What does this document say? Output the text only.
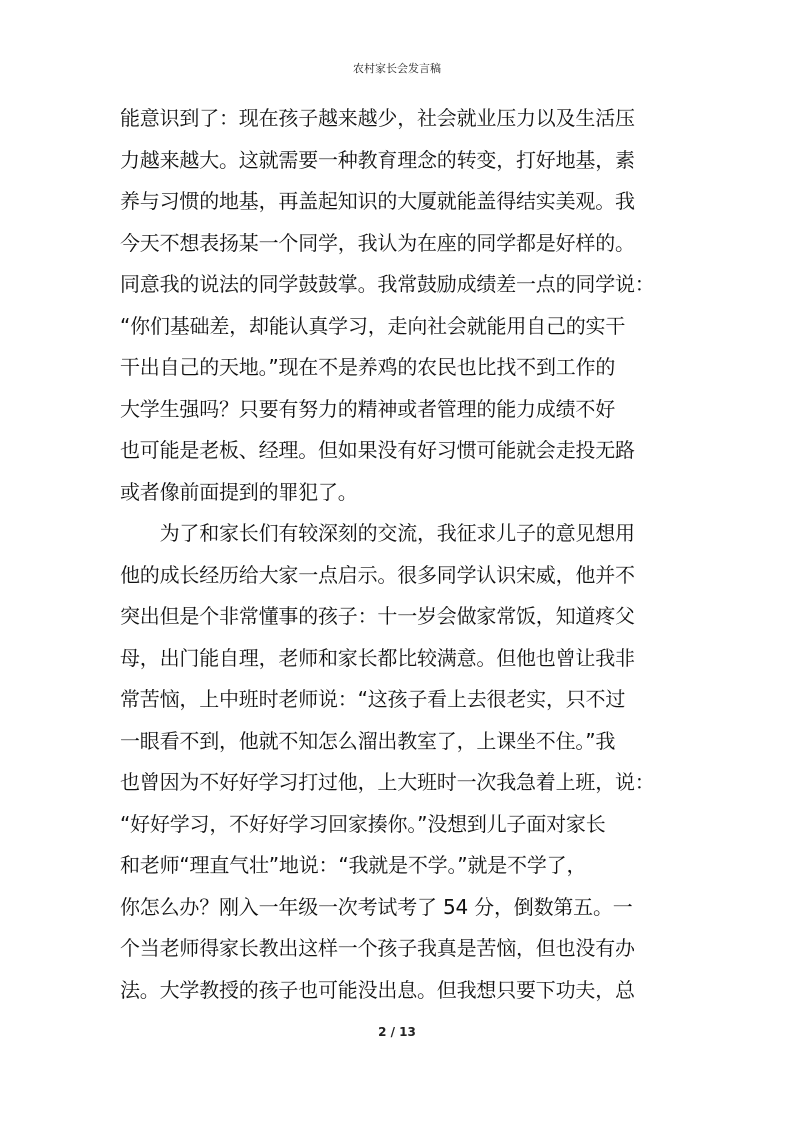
农村家长会发言稿
能意识到了：现在孩子越来越少，社会就业压力以及生活压
力越来越大。这就需要一种教育理念的转变，打好地基，素
养与习惯的地基，再盖起知识的大厦就能盖得结实美观。我
今天不想表扬某一个同学，我认为在座的同学都是好样的。
同意我的说法的同学鼓鼓掌。我常鼓励成绩差一点的同学说：
“你们基础差，却能认真学习，走向社会就能用自己的实干
干出自己的天地。”现在不是养鸡的农民也比找不到工作的
大学生强吗？只要有努力的精神或者管理的能力成绩不好
也可能是老板、经理。但如果没有好习惯可能就会走投无路
或者像前面提到的罪犯了。
　　为了和家长们有较深刻的交流，我征求儿子的意见想用
他的成长经历给大家一点启示。很多同学认识宋威，他并不
突出但是个非常懂事的孩子：十一岁会做家常饭，知道疼父
母，出门能自理，老师和家长都比较满意。但他也曾让我非
常苦恼，上中班时老师说：“这孩子看上去很老实，只不过
一眼看不到，他就不知怎么溜出教室了，上课坐不住。”我
也曾因为不好好学习打过他，上大班时一次我急着上班，说：
“好好学习，不好好学习回家揍你。”没想到儿子面对家长
和老师“理直气壮”地说：“我就是不学。”就是不学了，
你怎么办？刚入一年级一次考试考了 54 分，倒数第五。一
个当老师得家长教出这样一个孩子我真是苦恼，但也没有办
法。大学教授的孩子也可能没出息。但我想只要下功夫，总
2 / 13
